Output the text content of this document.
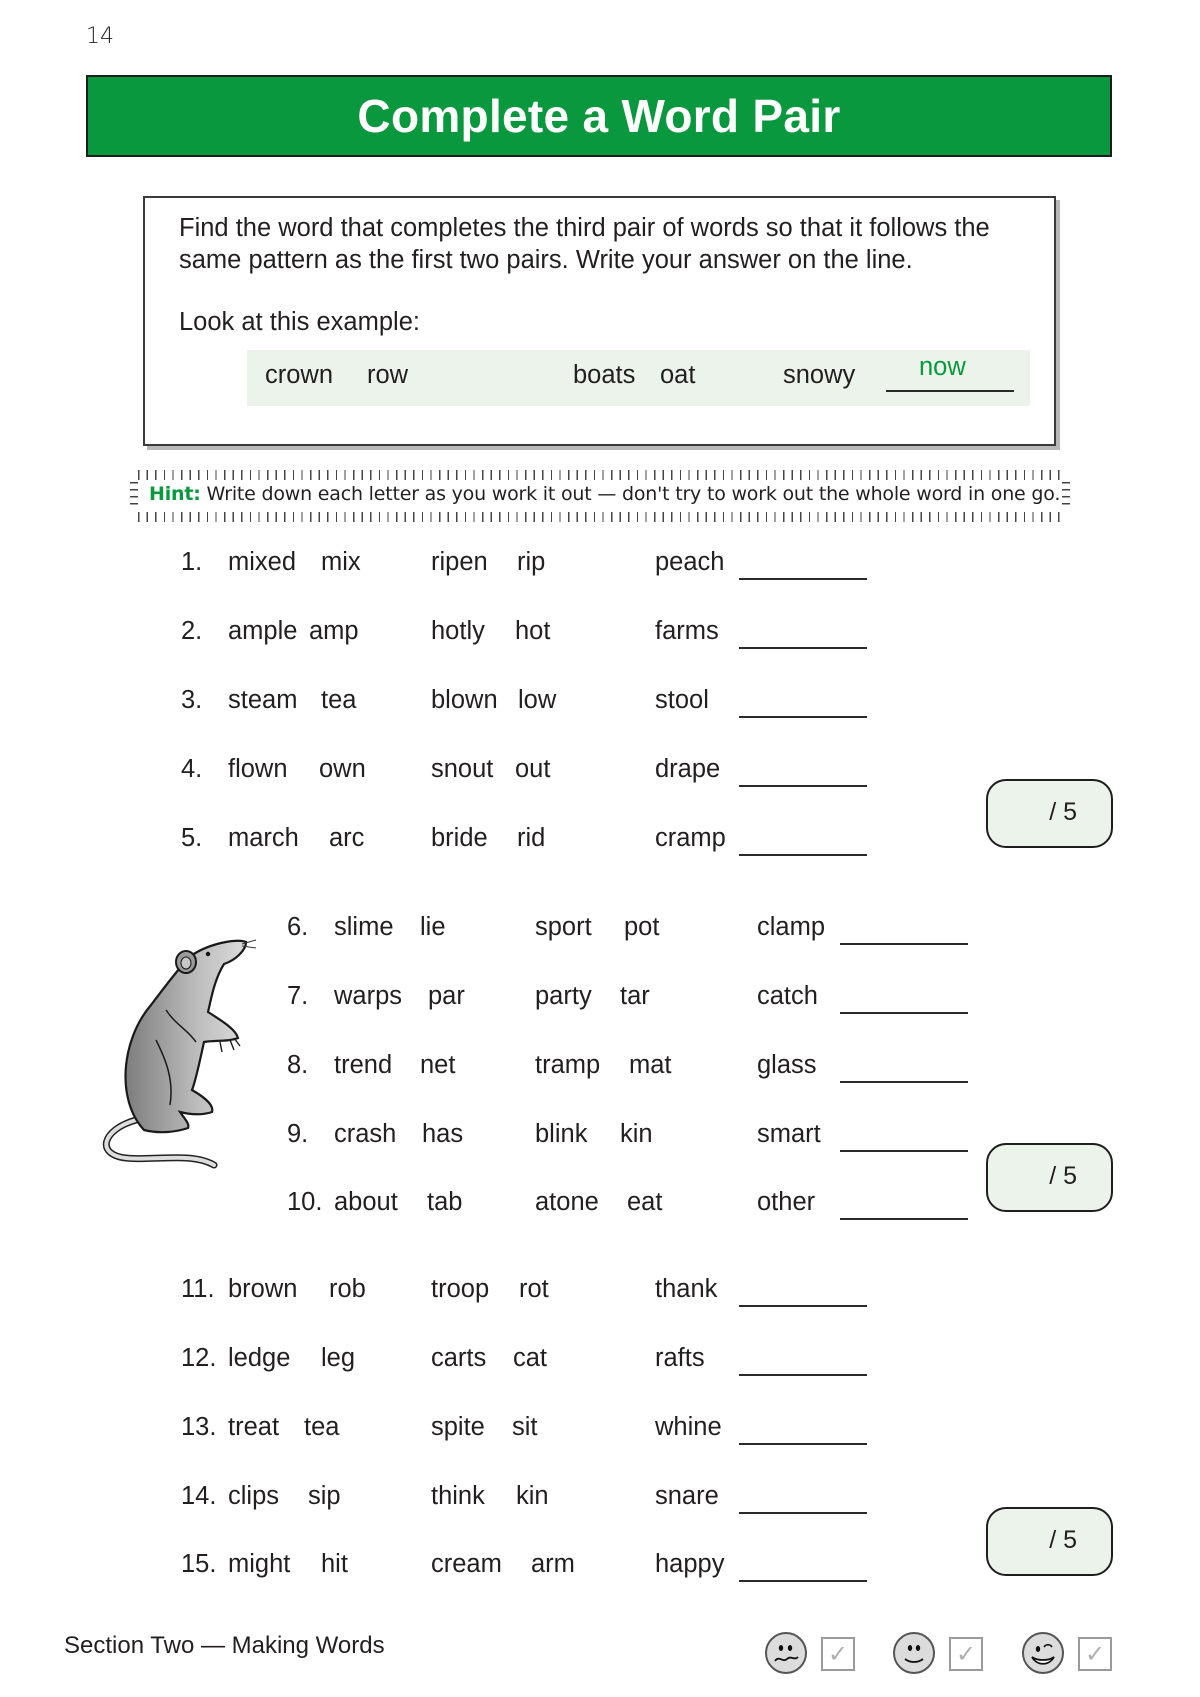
14
Complete a Word Pair
Find the word that completes the third pair of words so that it follows the same pattern as the first two pairs. Write your answer on the line.
Look at this example:
crown row	boats oat	snowy now
Hint: Write down each letter as you work it out — don't try to work out the whole word in one go.
1. mixed mix	ripen rip	peach
2. ample amp	hotly hot	farms
3. steam tea	blown low	stool
4. flown own	snout out	drape
5. march arc	bride rid	cramp
/ 5
6. slime lie	sport pot	clamp
7. warps par	party tar	catch
8. trend net	tramp mat	glass
9. crash has	blink kin	smart
10. about tab	atone eat	other
/ 5
11. brown rob	troop rot	thank
12. ledge leg	carts cat	rafts
13. treat tea	spite sit	whine
14. clips sip	think kin	snare
15. might hit	cream arm	happy
/ 5
Section Two — Making Words	✓	✓	✓
